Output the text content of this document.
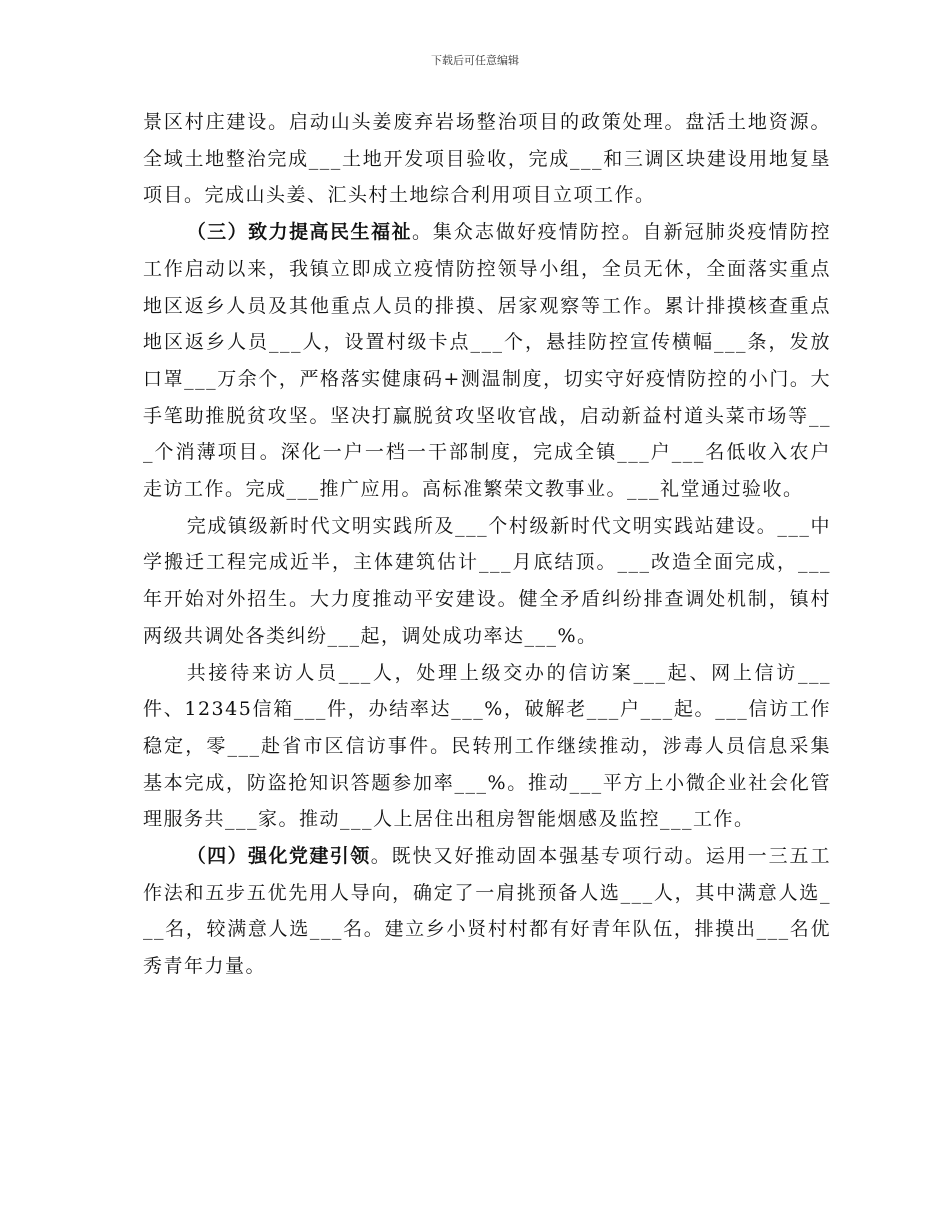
下载后可任意编辑

景区村庄建设。启动山头姜废弃岩场整治项目的政策处理。盘活土地资源。全域土地整治完成___土地开发项目验收，完成___和三调区块建设用地复垦项目。完成山头姜、汇头村土地综合利用项目立项工作。

（三）致力提高民生福祉。集众志做好疫情防控。自新冠肺炎疫情防控工作启动以来，我镇立即成立疫情防控领导小组，全员无休，全面落实重点地区返乡人员及其他重点人员的排摸、居家观察等工作。累计排摸核查重点地区返乡人员___人，设置村级卡点___个，悬挂防控宣传横幅___条，发放口罩___万余个，严格落实健康码+测温制度，切实守好疫情防控的小门。大手笔助推脱贫攻坚。坚决打赢脱贫攻坚收官战，启动新益村道头菜市场等___个消薄项目。深化一户一档一干部制度，完成全镇___户___名低收入农户走访工作。完成___推广应用。高标准繁荣文教事业。___礼堂通过验收。

完成镇级新时代文明实践所及___个村级新时代文明实践站建设。___中学搬迁工程完成近半，主体建筑估计___月底结顶。___改造全面完成，___年开始对外招生。大力度推动平安建设。健全矛盾纠纷排查调处机制，镇村两级共调处各类纠纷___起，调处成功率达___%。

共接待来访人员___人，处理上级交办的信访案___起、网上信访___件、12345信箱___件，办结率达___%，破解老___户___起。___信访工作稳定，零___赴省市区信访事件。民转刑工作继续推动，涉毒人员信息采集基本完成，防盗抢知识答题参加率___%。推动___平方上小微企业社会化管理服务共___家。推动___人上居住出租房智能烟感及监控___工作。

（四）强化党建引领。既快又好推动固本强基专项行动。运用一三五工作法和五步五优先用人导向，确定了一肩挑预备人选___人，其中满意人选___名，较满意人选___名。建立乡小贤村村都有好青年队伍，排摸出___名优秀青年力量。
